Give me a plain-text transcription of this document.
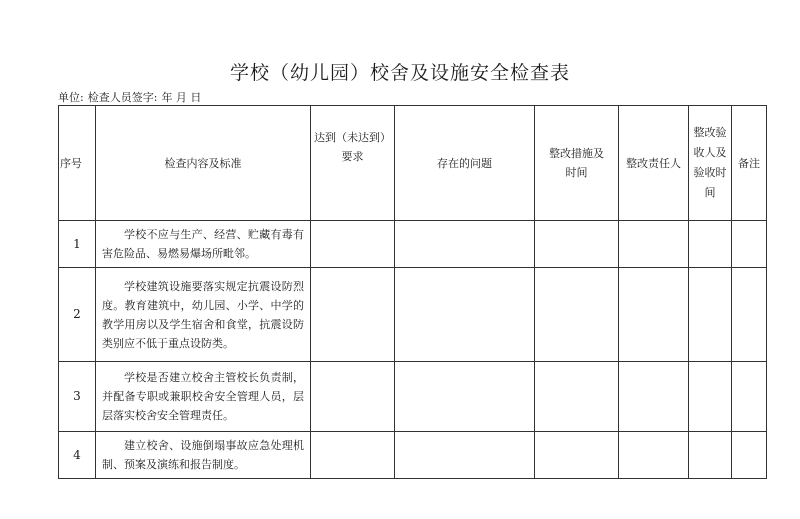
学校（幼儿园）校舍及设施安全检查表
单位: 检查人员签字: 年 月 日
序号	检查内容及标准	达到（未达到）要求	存在的问题	整改措施及时间	整改责任人	整改验收人及验收时间	备注
1	学校不应与生产、经营、贮藏有毒有害危险品、易燃易爆场所毗邻。						

2	学校建筑设施要落实规定抗震设防烈度。教育建筑中，幼儿园、小学、中学的教学用房以及学生宿舍和食堂，抗震设防类别应不低于重点设防类。						

3	学校是否建立校舍主管校长负责制，并配备专职或兼职校舍安全管理人员，层层落实校舍安全管理责任。						

4	建立校舍、设施倒塌事故应急处理机制、预案及演练和报告制度。						
